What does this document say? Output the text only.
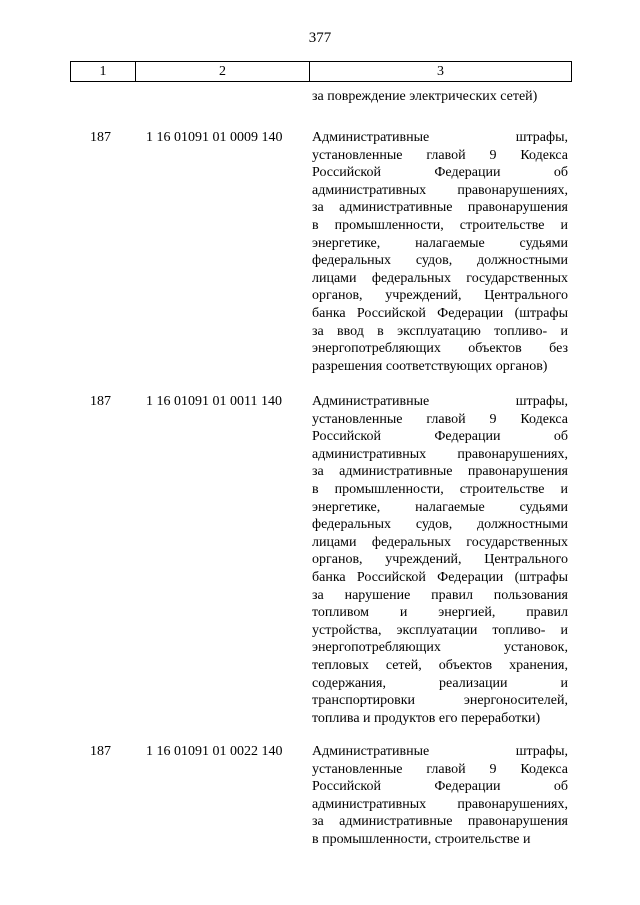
377
1	2	3
за повреждение электрических сетей)
187	1 16 01091 01 0009 140 Административные штрафы,
установленные главой 9 Кодекса
Российской Федерации об
административных правонарушениях,
за административные правонарушения
в промышленности, строительстве и
энергетике, налагаемые судьями
федеральных судов, должностными
лицами федеральных государственных
органов, учреждений, Центрального
банка Российской Федерации (штрафы
за ввод в эксплуатацию топливо- и
энергопотребляющих объектов без
разрешения соответствующих органов)
187	1 16 01091 01 0011 140 Административные штрафы,
установленные главой 9 Кодекса
Российской Федерации об
административных правонарушениях,
за административные правонарушения
в промышленности, строительстве и
энергетике, налагаемые судьями
федеральных судов, должностными
лицами федеральных государственных
органов, учреждений, Центрального
банка Российской Федерации (штрафы
за нарушение правил пользования
топливом и энергией, правил
устройства, эксплуатации топливо- и
энергопотребляющих установок,
тепловых сетей, объектов хранения,
содержания, реализации и
транспортировки энергоносителей,
топлива и продуктов его переработки)
187	1 16 01091 01 0022 140 Административные штрафы,
установленные главой 9 Кодекса
Российской Федерации об
административных правонарушениях,
за административные правонарушения
в промышленности, строительстве и
